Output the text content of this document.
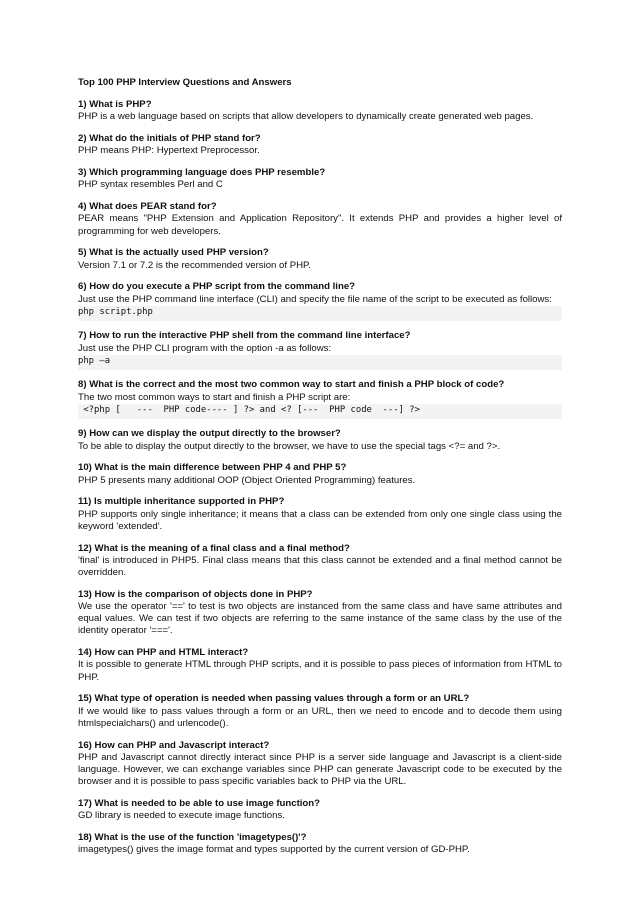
Top 100 PHP Interview Questions and Answers
1) What is PHP?
PHP is a web language based on scripts that allow developers to dynamically create generated web pages.
2) What do the initials of PHP stand for?
PHP means PHP: Hypertext Preprocessor.
3) Which programming language does PHP resemble?
PHP syntax resembles Perl and C
4) What does PEAR stand for?
PEAR means "PHP Extension and Application Repository". It extends PHP and provides a higher level of programming for web developers.
5) What is the actually used PHP version?
Version 7.1 or 7.2 is the recommended version of PHP.
6) How do you execute a PHP script from the command line?
Just use the PHP command line interface (CLI) and specify the file name of the script to be executed as follows:
php script.php
7) How to run the interactive PHP shell from the command line interface?
Just use the PHP CLI program with the option -a as follows:
php –a
8) What is the correct and the most two common way to start and finish a PHP block of code?
The two most common ways to start and finish a PHP script are:
<?php [   ---  PHP code---- ] ?> and <? [---  PHP code  ---] ?>
9) How can we display the output directly to the browser?
To be able to display the output directly to the browser, we have to use the special tags <?= and ?>.
10) What is the main difference between PHP 4 and PHP 5?
PHP 5 presents many additional OOP (Object Oriented Programming) features.
11) Is multiple inheritance supported in PHP?
PHP supports only single inheritance; it means that a class can be extended from only one single class using the keyword 'extended'.
12) What is the meaning of a final class and a final method?
'final' is introduced in PHP5. Final class means that this class cannot be extended and a final method cannot be overridden.
13) How is the comparison of objects done in PHP?
We use the operator '==' to test is two objects are instanced from the same class and have same attributes and equal values. We can test if two objects are referring to the same instance of the same class by the use of the identity operator '==='.
14) How can PHP and HTML interact?
It is possible to generate HTML through PHP scripts, and it is possible to pass pieces of information from HTML to PHP.
15) What type of operation is needed when passing values through a form or an URL?
If we would like to pass values through a form or an URL, then we need to encode and to decode them using htmlspecialchars() and urlencode().
16) How can PHP and Javascript interact?
PHP and Javascript cannot directly interact since PHP is a server side language and Javascript is a client-side language. However, we can exchange variables since PHP can generate Javascript code to be executed by the browser and it is possible to pass specific variables back to PHP via the URL.
17) What is needed to be able to use image function?
GD library is needed to execute image functions.
18) What is the use of the function 'imagetypes()'?
imagetypes() gives the image format and types supported by the current version of GD-PHP.
